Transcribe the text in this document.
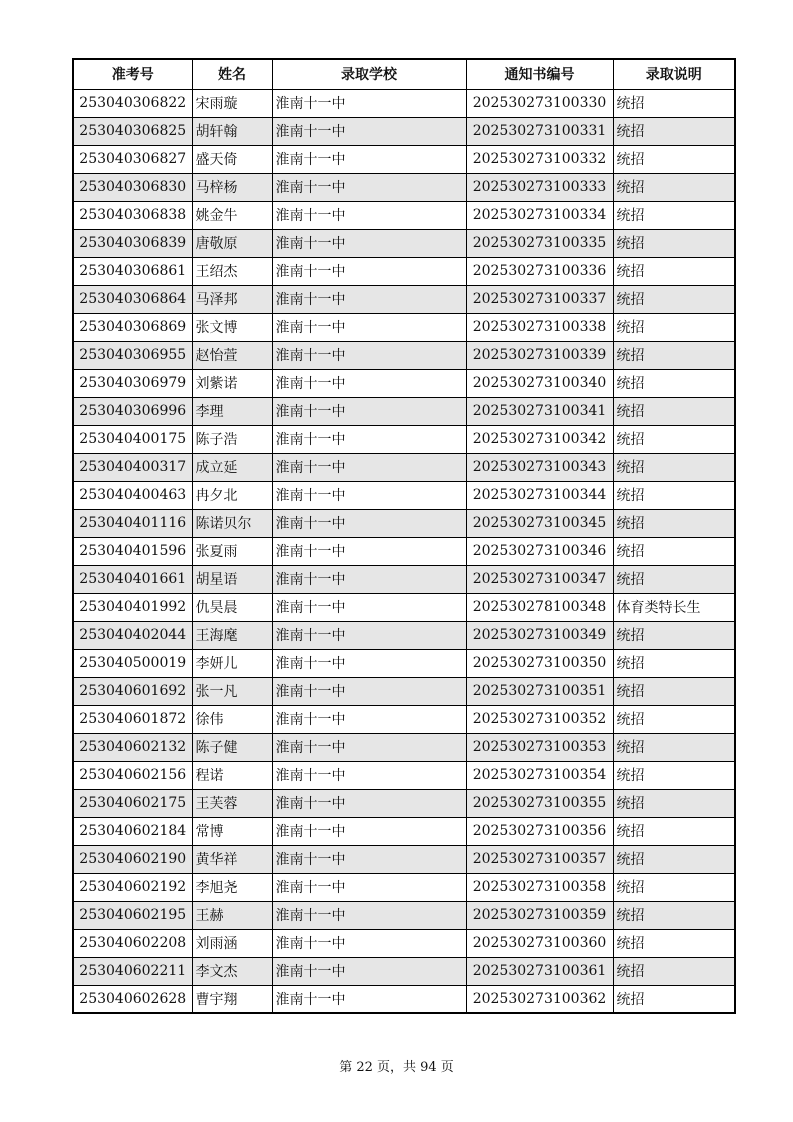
准考号	姓名	录取学校	通知书编号	录取说明
253040306822	宋雨璇	淮南十一中	202530273100330	统招
253040306825	胡轩翰	淮南十一中	202530273100331	统招
253040306827	盛天倚	淮南十一中	202530273100332	统招
253040306830	马梓杨	淮南十一中	202530273100333	统招
253040306838	姚金牛	淮南十一中	202530273100334	统招
253040306839	唐敬原	淮南十一中	202530273100335	统招
253040306861	王绍杰	淮南十一中	202530273100336	统招
253040306864	马泽邦	淮南十一中	202530273100337	统招
253040306869	张文博	淮南十一中	202530273100338	统招
253040306955	赵怡萱	淮南十一中	202530273100339	统招
253040306979	刘紫诺	淮南十一中	202530273100340	统招
253040306996	李理	淮南十一中	202530273100341	统招
253040400175	陈子浩	淮南十一中	202530273100342	统招
253040400317	成立延	淮南十一中	202530273100343	统招
253040400463	冉夕北	淮南十一中	202530273100344	统招
253040401116	陈诺贝尔	淮南十一中	202530273100345	统招
253040401596	张夏雨	淮南十一中	202530273100346	统招
253040401661	胡星语	淮南十一中	202530273100347	统招
253040401992	仇昊晨	淮南十一中	202530278100348	体育类特长生
253040402044	王海麾	淮南十一中	202530273100349	统招
253040500019	李妍儿	淮南十一中	202530273100350	统招
253040601692	张一凡	淮南十一中	202530273100351	统招
253040601872	徐伟	淮南十一中	202530273100352	统招
253040602132	陈子健	淮南十一中	202530273100353	统招
253040602156	程诺	淮南十一中	202530273100354	统招
253040602175	王芙蓉	淮南十一中	202530273100355	统招
253040602184	常博	淮南十一中	202530273100356	统招
253040602190	黄华祥	淮南十一中	202530273100357	统招
253040602192	李旭尧	淮南十一中	202530273100358	统招
253040602195	王赫	淮南十一中	202530273100359	统招
253040602208	刘雨涵	淮南十一中	202530273100360	统招
253040602211	李文杰	淮南十一中	202530273100361	统招
253040602628	曹宇翔	淮南十一中	202530273100362	统招
第 22 页，共 94 页
